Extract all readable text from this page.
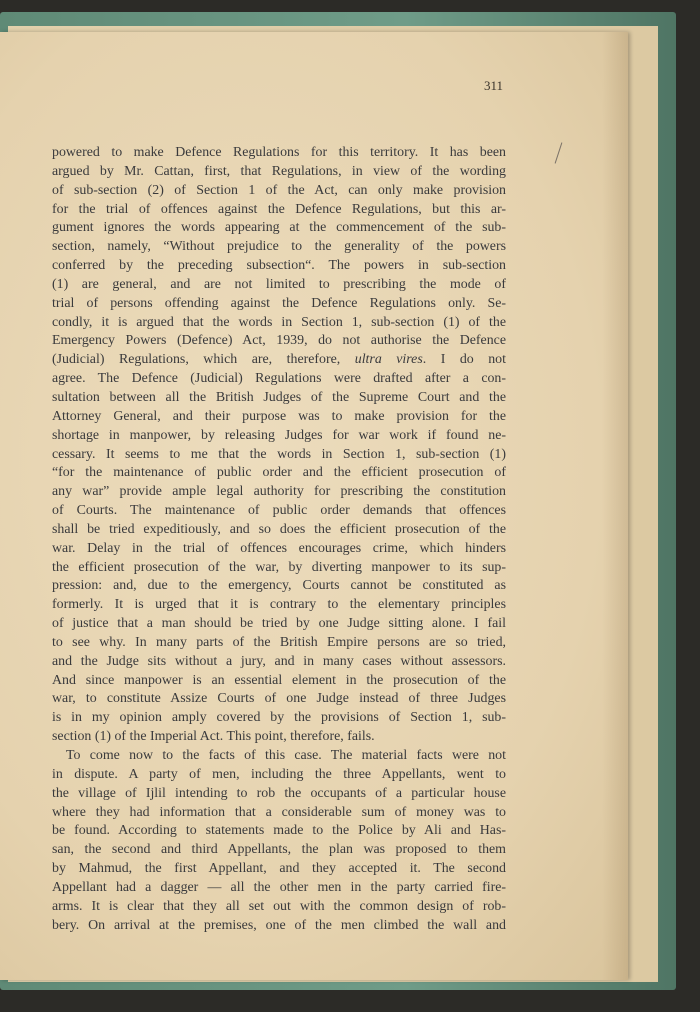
311
powered to make Defence Regulations for this territory. It has been
argued by Mr. Cattan, first, that Regulations, in view of the wording
of sub-section (2) of Section 1 of the Act, can only make provision
for the trial of offences against the Defence Regulations, but this ar-
gument ignores the words appearing at the commencement of the sub-
section, namely, “Without prejudice to the generality of the powers
conferred by the preceding subsection“. The powers in sub-section
(1) are general, and are not limited to prescribing the mode of
trial of persons offending against the Defence Regulations only. Se-
condly, it is argued that the words in Section 1, sub-section (1) of the
Emergency Powers (Defence) Act, 1939, do not authorise the Defence
(Judicial) Regulations, which are, therefore, ultra vires. I do not
agree. The Defence (Judicial) Regulations were drafted after a con-
sultation between all the British Judges of the Supreme Court and the
Attorney General, and their purpose was to make provision for the
shortage in manpower, by releasing Judges for war work if found ne-
cessary. It seems to me that the words in Section 1, sub-section (1)
“for the maintenance of public order and the efficient prosecution of
any war” provide ample legal authority for prescribing the constitution
of Courts. The maintenance of public order demands that offences
shall be tried expeditiously, and so does the efficient prosecution of the
war. Delay in the trial of offences encourages crime, which hinders
the efficient prosecution of the war, by diverting manpower to its sup-
pression: and, due to the emergency, Courts cannot be constituted as
formerly. It is urged that it is contrary to the elementary principles
of justice that a man should be tried by one Judge sitting alone. I fail
to see why. In many parts of the British Empire persons are so tried,
and the Judge sits without a jury, and in many cases without assessors.
And since manpower is an essential element in the prosecution of the
war, to constitute Assize Courts of one Judge instead of three Judges
is in my opinion amply covered by the provisions of Section 1, sub-
section (1) of the Imperial Act. This point, therefore, fails.
To come now to the facts of this case. The material facts were not
in dispute. A party of men, including the three Appellants, went to
the village of Ijlil intending to rob the occupants of a particular house
where they had information that a considerable sum of money was to
be found. According to statements made to the Police by Ali and Has-
san, the second and third Appellants, the plan was proposed to them
by Mahmud, the first Appellant, and they accepted it. The second
Appellant had a dagger — all the other men in the party carried fire-
arms. It is clear that they all set out with the common design of rob-
bery. On arrival at the premises, one of the men climbed the wall and
